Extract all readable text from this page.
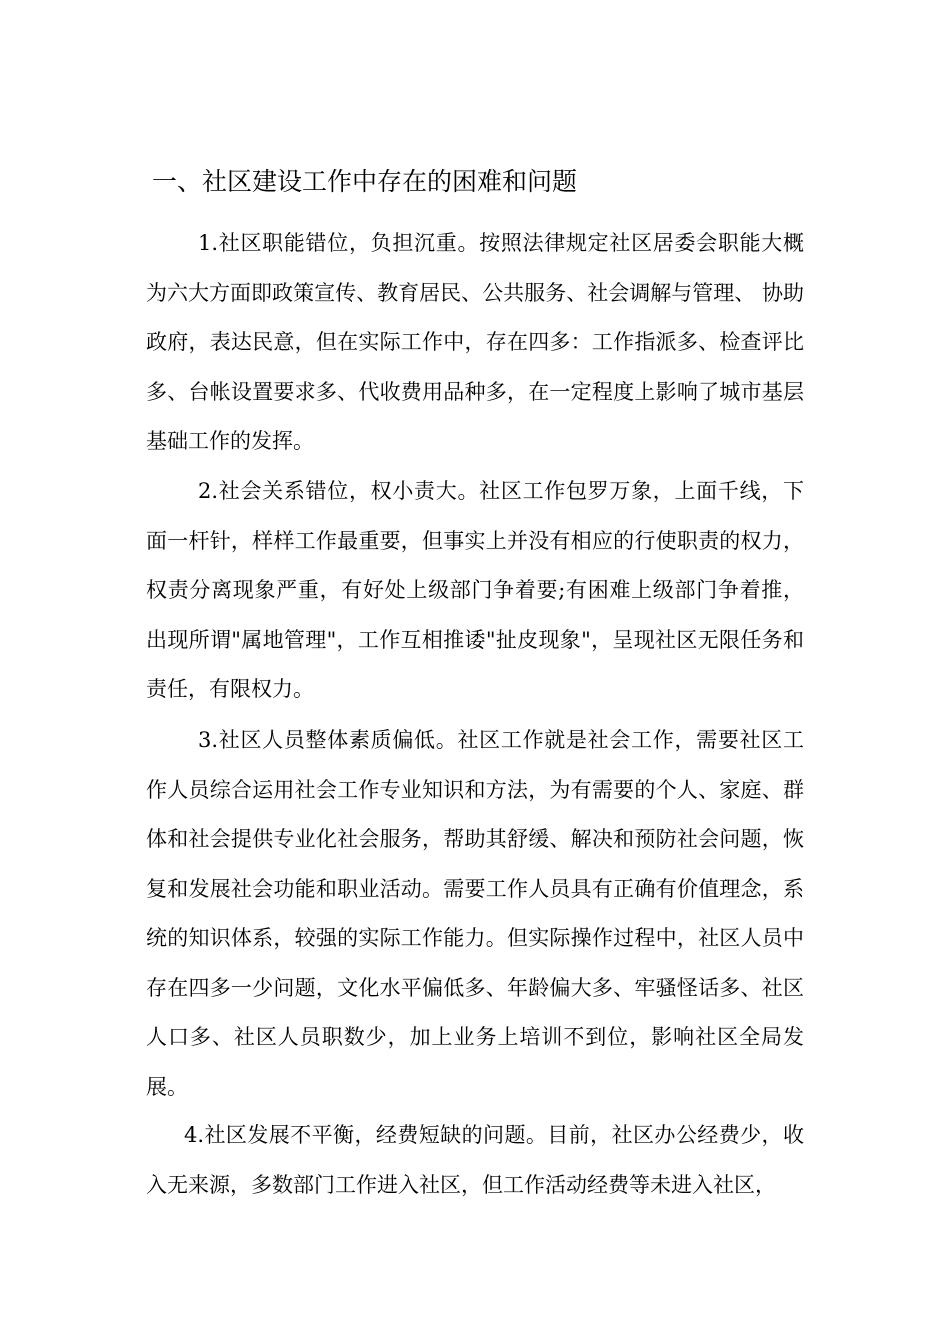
一、社区建设工作中存在的困难和问题

1.社区职能错位，负担沉重。按照法律规定社区居委会职能大概为六大方面即政策宣传、教育居民、公共服务、社会调解与管理、 协助政府，表达民意，但在实际工作中，存在四多：工作指派多、检查评比多、台帐设置要求多、代收费用品种多，在一定程度上影响了城市基层基础工作的发挥。

2.社会关系错位，权小责大。社区工作包罗万象，上面千线，下面一杆针，样样工作最重要，但事实上并没有相应的行使职责的权力，权责分离现象严重，有好处上级部门争着要;有困难上级部门争着推，出现所谓"属地管理"，工作互相推诿"扯皮现象"，呈现社区无限任务和责任，有限权力。

3.社区人员整体素质偏低。社区工作就是社会工作，需要社区工作人员综合运用社会工作专业知识和方法，为有需要的个人、家庭、群体和社会提供专业化社会服务，帮助其舒缓、解决和预防社会问题，恢复和发展社会功能和职业活动。需要工作人员具有正确有价值理念，系统的知识体系，较强的实际工作能力。但实际操作过程中，社区人员中存在四多一少问题，文化水平偏低多、年龄偏大多、牢骚怪话多、社区人口多、社区人员职数少，加上业务上培训不到位，影响社区全局发展。

4.社区发展不平衡，经费短缺的问题。目前，社区办公经费少，收入无来源，多数部门工作进入社区，但工作活动经费等未进入社区，
